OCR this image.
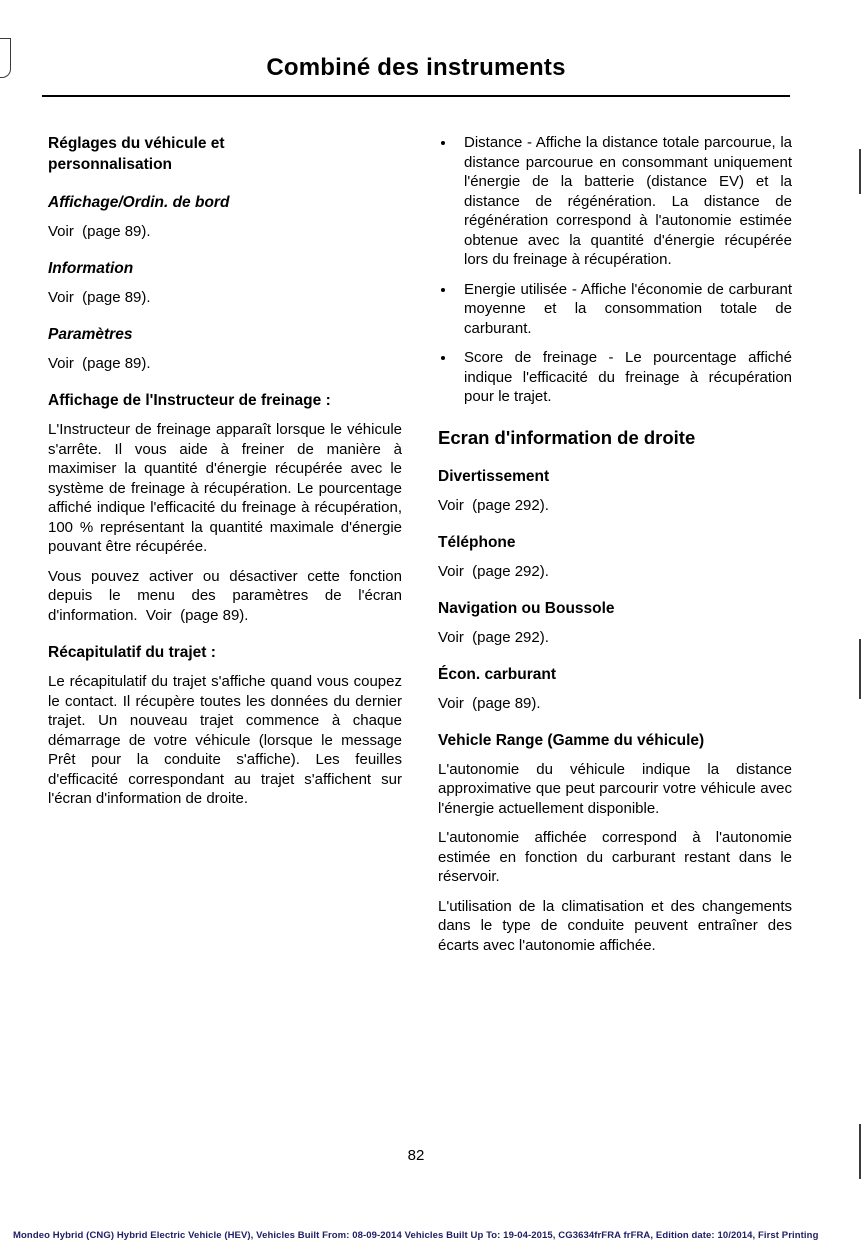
Combiné des instruments
Réglages du véhicule et personnalisation
Affichage/Ordin. de bord

Voir  (page 89).

Information

Voir  (page 89).

Paramètres

Voir  (page 89).

Affichage de l'Instructeur de freinage :

L'Instructeur de freinage apparaît lorsque le véhicule s'arrête. Il vous aide à freiner de manière à maximiser la quantité d'énergie récupérée avec le système de freinage à récupération. Le pourcentage affiché indique l'efficacité du freinage à récupération, 100 % représentant la quantité maximale d'énergie pouvant être récupérée.

Vous pouvez activer ou désactiver cette fonction depuis le menu des paramètres de l'écran d'information.  Voir  (page 89).

Récapitulatif du trajet :

Le récapitulatif du trajet s'affiche quand vous coupez le contact. Il récupère toutes les données du dernier trajet. Un nouveau trajet commence à chaque démarrage de votre véhicule (lorsque le message Prêt pour la conduite s'affiche). Les feuilles d'efficacité correspondant au trajet s'affichent sur l'écran d'information de droite.

Distance - Affiche la distance totale parcourue, la distance parcourue en consommant uniquement l'énergie de la batterie (distance EV) et la distance de régénération. La distance de régénération correspond à l'autonomie estimée obtenue avec la quantité d'énergie récupérée lors du freinage à récupération.
Energie utilisée - Affiche l'économie de carburant moyenne et la consommation totale de carburant.
Score de freinage - Le pourcentage affiché indique l'efficacité du freinage à récupération pour le trajet.
Ecran d'information de droite
Divertissement

Voir  (page 292).

Téléphone

Voir  (page 292).

Navigation ou Boussole

Voir  (page 292).

Écon. carburant

Voir  (page 89).

Vehicle Range (Gamme du véhicule)

L'autonomie du véhicule indique la distance approximative que peut parcourir votre véhicule avec l'énergie actuellement disponible.

L'autonomie affichée correspond à l'autonomie estimée en fonction du carburant restant dans le réservoir.

L'utilisation de la climatisation et des changements dans le type de conduite peuvent entraîner des écarts avec l'autonomie affichée.

82
Mondeo Hybrid (CNG) Hybrid Electric Vehicle (HEV), Vehicles Built From: 08-09-2014 Vehicles Built Up To: 19-04-2015, CG3634frFRA frFRA, Edition date: 10/2014, First Printing
